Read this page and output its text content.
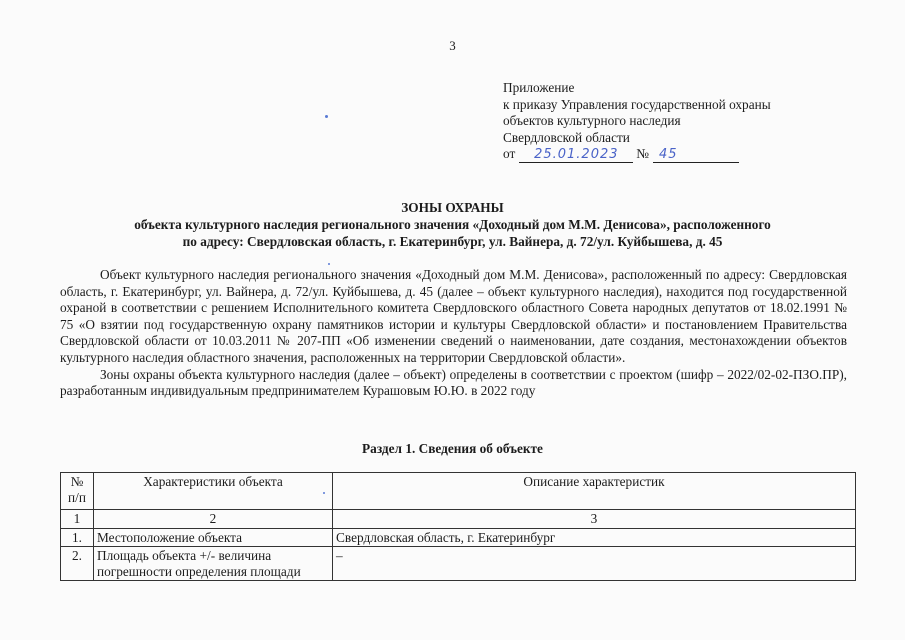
3
Приложение
к приказу Управления государственной охраны
объектов культурного наследия
Свердловской области
от	25.01.2023	№ 45
ЗОНЫ ОХРАНЫ
объекта культурного наследия регионального значения «Доходный дом М.М. Денисова», расположенного
по адресу: Свердловская область, г. Екатеринбург, ул. Вайнера, д. 72/ул. Куйбышева, д. 45

Объект культурного наследия регионального значения «Доходный дом М.М. Денисова», расположенный по адресу: Свердловская область, г. Екатеринбург, ул. Вайнера, д. 72/ул. Куйбышева, д. 45 (далее – объект культурного наследия), находится под государственной охраной в соответствии с решением Исполнительного комитета Свердловского областного Совета народных депутатов от 18.02.1991 № 75 «О взятии под государственную охрану памятников истории и культуры Свердловской области» и постановлением Правительства Свердловской области от 10.03.2011 № 207-ПП «Об изменении сведений о наименовании, дате создания, местонахождении объектов культурного наследия областного значения, расположенных на территории Свердловской области».

Зоны охраны объекта культурного наследия (далее – объект) определены в соответствии с проектом (шифр – 2022/02-02-ПЗО.ПР), разработанным индивидуальным предпринимателем Курашовым Ю.Ю. в 2022 году

Раздел 1. Сведения об объекте
№ п/п	Характеристики объекта	Описание характеристик
1	2	3
1.	Местоположение объекта	Свердловская область, г. Екатеринбург
2.	Площадь объекта +/- величина погрешности определения площади	–
